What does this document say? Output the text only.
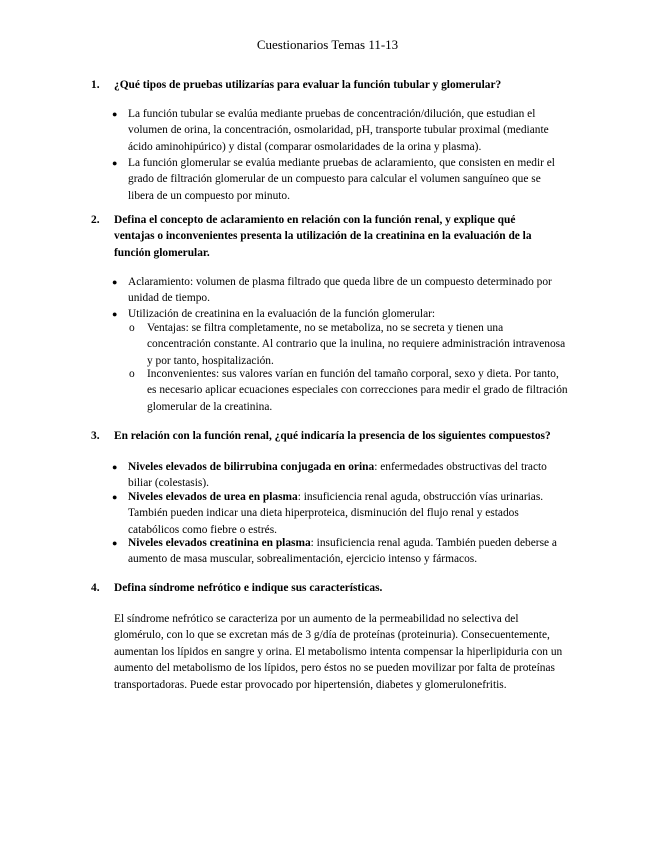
Cuestionarios Temas 11-13
1. ¿Qué tipos de pruebas utilizarías para evaluar la función tubular y glomerular?
● La función tubular se evalúa mediante pruebas de concentración/dilución, que estudian el volumen de orina, la concentración, osmolaridad, pH, transporte tubular proximal (mediante ácido aminohipúrico) y distal (comparar osmolaridades de la orina y plasma).
● La función glomerular se evalúa mediante pruebas de aclaramiento, que consisten en medir el grado de filtración glomerular de un compuesto para calcular el volumen sanguíneo que se libera de un compuesto por minuto.
2. Defina el concepto de aclaramiento en relación con la función renal, y explique qué ventajas o inconvenientes presenta la utilización de la creatinina en la evaluación de la función glomerular.
● Aclaramiento: volumen de plasma filtrado que queda libre de un compuesto determinado por unidad de tiempo.
● Utilización de creatinina en la evaluación de la función glomerular:
o Ventajas: se filtra completamente, no se metaboliza, no se secreta y tienen una concentración constante. Al contrario que la inulina, no requiere administración intravenosa y por tanto, hospitalización.
o Inconvenientes: sus valores varían en función del tamaño corporal, sexo y dieta. Por tanto, es necesario aplicar ecuaciones especiales con correcciones para medir el grado de filtración glomerular de la creatinina.
3. En relación con la función renal, ¿qué indicaría la presencia de los siguientes compuestos?
● Niveles elevados de bilirrubina conjugada en orina: enfermedades obstructivas del tracto biliar (colestasis).
● Niveles elevados de urea en plasma: insuficiencia renal aguda, obstrucción vías urinarias. También pueden indicar una dieta hiperproteica, disminución del flujo renal y estados catabólicos como fiebre o estrés.
● Niveles elevados creatinina en plasma: insuficiencia renal aguda. También pueden deberse a aumento de masa muscular, sobrealimentación, ejercicio intenso y fármacos.
4. Defina síndrome nefrótico e indique sus características.
El síndrome nefrótico se caracteriza por un aumento de la permeabilidad no selectiva del glomérulo, con lo que se excretan más de 3 g/día de proteínas (proteinuria). Consecuentemente, aumentan los lípidos en sangre y orina. El metabolismo intenta compensar la hiperlipiduria con un aumento del metabolismo de los lípidos, pero éstos no se pueden movilizar por falta de proteínas transportadoras. Puede estar provocado por hipertensión, diabetes y glomerulonefritis.
